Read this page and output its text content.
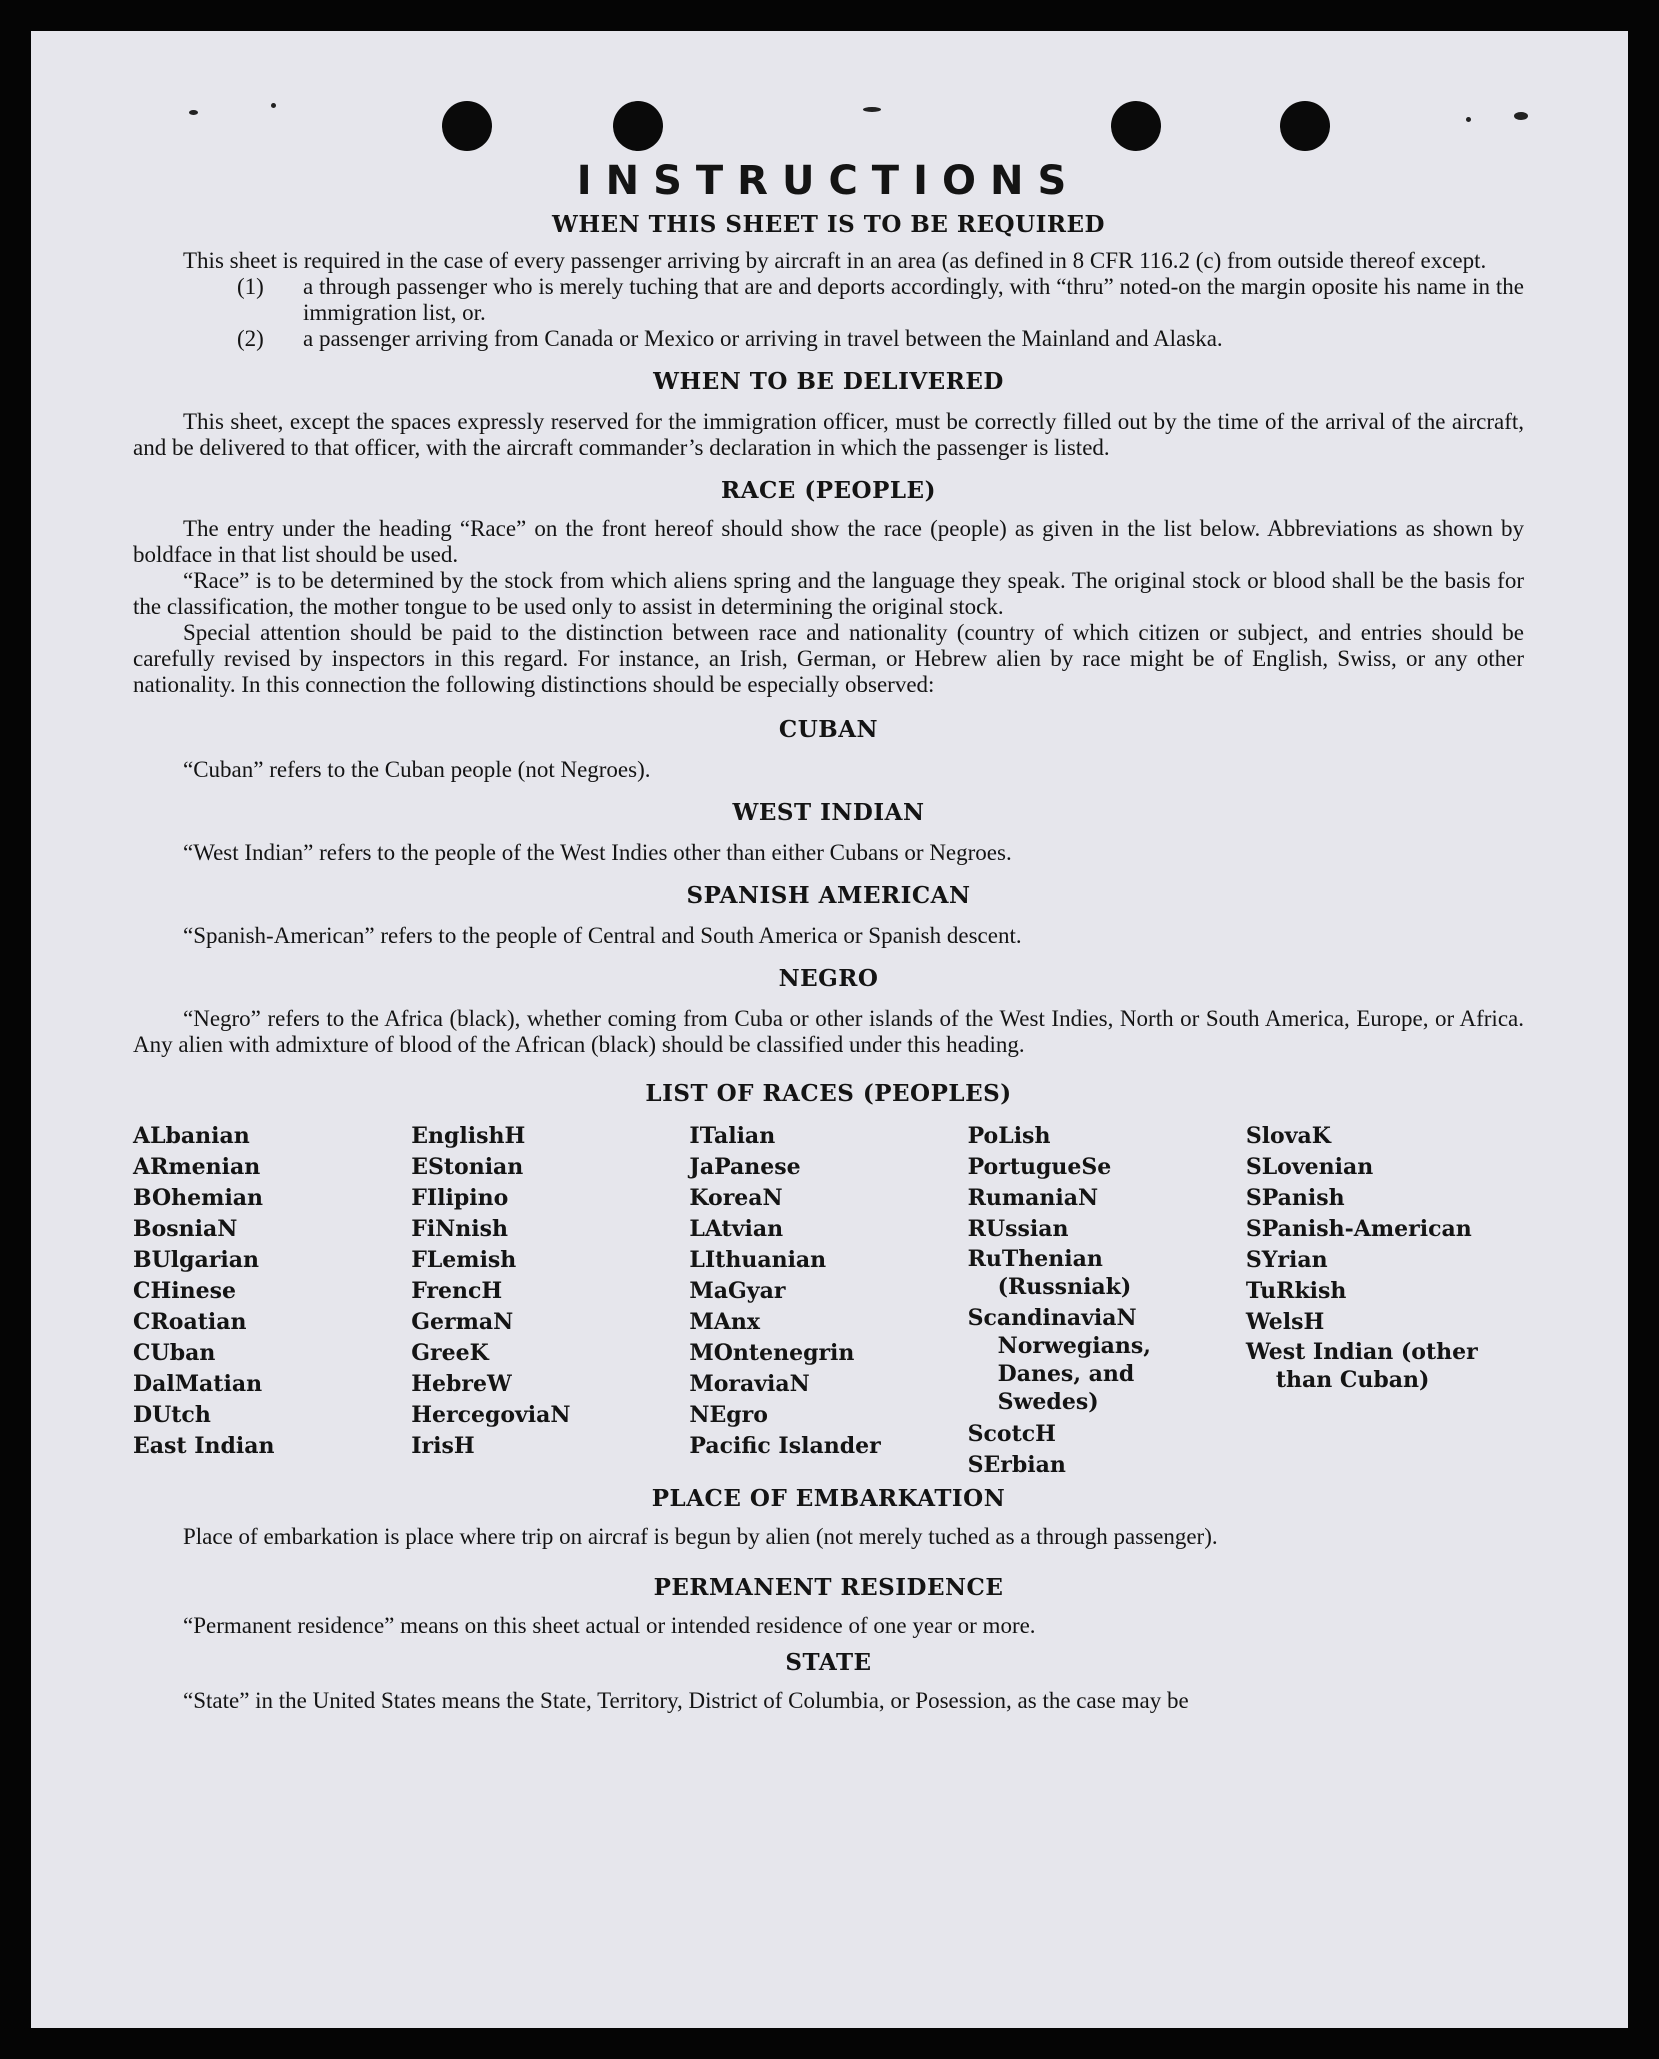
INSTRUCTIONS
WHEN THIS SHEET IS TO BE REQUIRED

This sheet is required in the case of every passenger arriving by aircraft in an area (as defined in 8 CFR 116.2 (c) from outside thereof except.

(1)	a through passenger who is merely tuching that are and deports accordingly, with “thru” noted-on the margin oposite his name in the immigration list, or.
(2)	a passenger arriving from Canada or Mexico or arriving in travel between the Mainland and Alaska.
WHEN TO BE DELIVERED

This sheet, except the spaces expressly reserved for the immigration officer, must be correctly filled out by the time of the arrival of the aircraft, and be delivered to that officer, with the aircraft commander’s declaration in which the passenger is listed.

RACE (PEOPLE)

The entry under the heading “Race” on the front hereof should show the race (people) as given in the list below. Abbreviations as shown by boldface in that list should be used.

“Race” is to be determined by the stock from which aliens spring and the language they speak. The original stock or blood shall be the basis for the classification, the mother tongue to be used only to assist in determining the original stock.

Special attention should be paid to the distinction between race and nationality (country of which citizen or subject, and entries should be carefully revised by inspectors in this regard. For instance, an Irish, German, or Hebrew alien by race might be of English, Swiss, or any other nationality. In this connection the following distinctions should be especially observed:

CUBAN

“Cuban” refers to the Cuban people (not Negroes).

WEST INDIAN

“West Indian” refers to the people of the West Indies other than either Cubans or Negroes.

SPANISH AMERICAN

“Spanish-American” refers to the people of Central and South America or Spanish descent.

NEGRO

“Negro” refers to the Africa (black), whether coming from Cuba or other islands of the West Indies, North or South America, Europe, or Africa. Any alien with admixture of blood of the African (black) should be classified under this heading.

LIST OF RACES (PEOPLES)
ALbanian
ARmenian
BOhemian
BosniaN
BUlgarian
CHinese
CRoatian
CUban
DalMatian
DUtch
East Indian
EnglishH
EStonian
FIlipino
FiNnish
FLemish
FrencH
GermaN
GreeK
HebreW
HercegoviaN
IrisH
ITalian
JaPanese
KoreaN
LAtvian
LIthuanian
MaGyar
MAnx
MOntenegrin
MoraviaN
NEgro
Pacific Islander
PoLish
PortugueSe
RumaniaN
RUssian
RuThenian (Russniak)
ScandinaviaN Norwegians, Danes, and Swedes)
ScotcH
SErbian
SlovaK
SLovenian
SPanish
SPanish-American
SYrian
TuRkish
WelsH
West Indian (other than Cuban)
PLACE OF EMBARKATION

Place of embarkation is place where trip on aircraf is begun by alien (not merely tuched as a through passenger).

PERMANENT RESIDENCE

“Permanent residence” means on this sheet actual or intended residence of one year or more.

STATE

“State” in the United States means the State, Territory, District of Columbia, or Posession, as the case may be
